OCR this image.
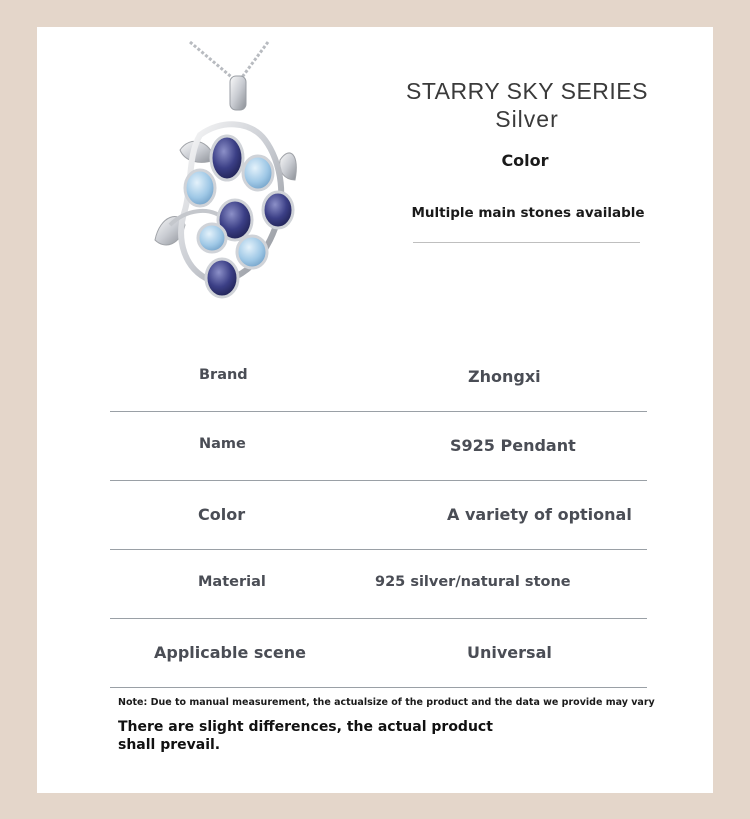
STARRY SKY SERIES
Silver
Color
Multiple main stones available
Brand	Zhongxi
Name	S925 Pendant
Color	A variety of optional
Material	925 silver/natural stone
Applicable scene	Universal
Note: Due to manual measurement, the actualsize of the product and the data we provide may vary
There are slight differences, the actual product shall prevail.
